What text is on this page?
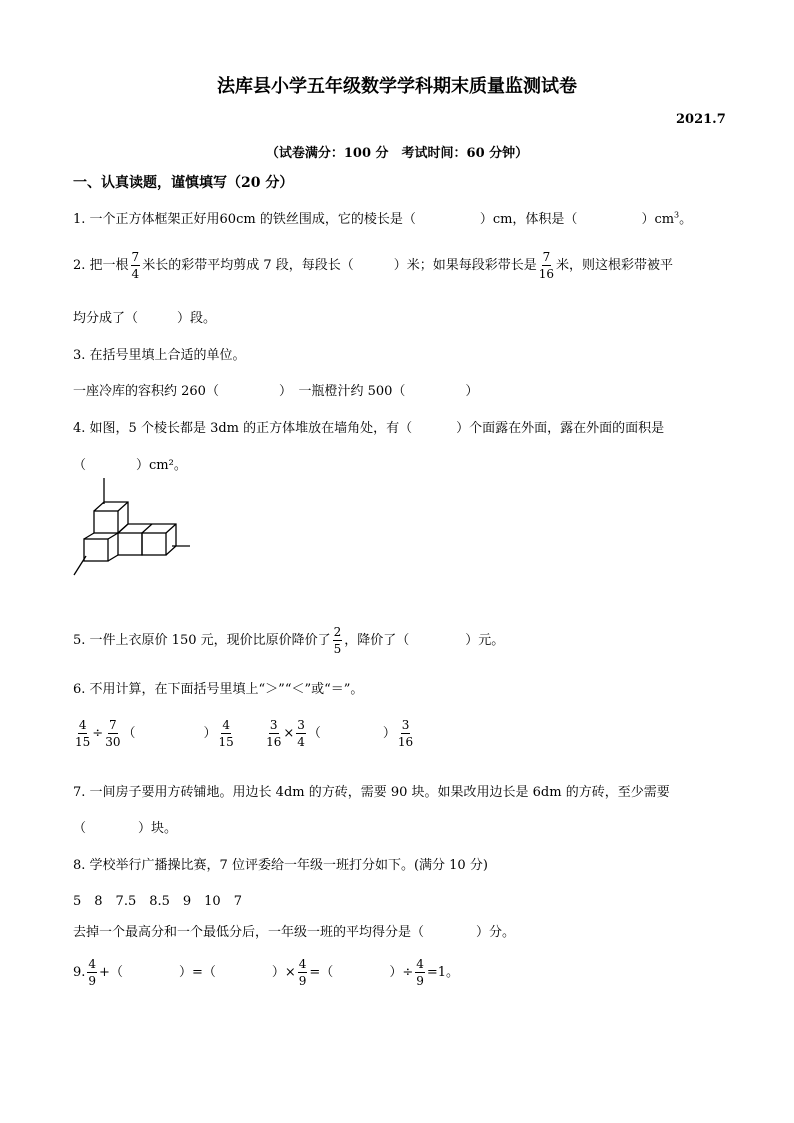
法库县小学五年级数学学科期末质量监测试卷
2021.7
（试卷满分：100 分　考试时间：60 分钟）
一、认真读题，谨慎填写（20 分）
1. 一个正方体框架正好用60cm 的铁丝围成，它的棱长是（	）cm，体积是（	）$cm^3$。
2. 把一根 $\frac{7}{4}$ 米长的彩带平均剪成 7 段，每段长（	）米；如果每段彩带长是 $\frac{7}{16}$ 米，则这根彩带被平
均分成了（　　　）段。
3. 在括号里填上合适的单位。
一座冷库的容积约 260（	）　一瓶橙汁约 500（	）
4. 如图，5 个棱长都是 3dm 的正方体堆放在墙角处，有（	）个面露在外面，露在外面的面积是
（	）cm²。
5. 一件上衣原价 150 元，现价比原价降价了 $\frac{2}{5}$ ，降价了（	）元。
6. 不用计算，在下面括号里填上“＞”“＜”或“＝”。
$\frac{4}{15} \div \frac{7}{30}$ （	） $\frac{4}{15}$
	$\frac{3}{16} \times \frac{3}{4}$ （	） $\frac{3}{16}$
7. 一间房子要用方砖铺地。用边长 4dm 的方砖，需要 90 块。如果改用边长是 6dm 的方砖，至少需要
（　　　　）块。
8. 学校举行广播操比赛，7 位评委给一年级一班打分如下。(满分 10 分)
5　8　7.5　8.5　9　10　7
去掉一个最高分和一个最低分后，一年级一班的平均得分是（　　　　）分。
9. $\frac{4}{9}$ +（	）=（	）× $\frac{4}{9}$ =（	）÷ $\frac{4}{9} =1$。
